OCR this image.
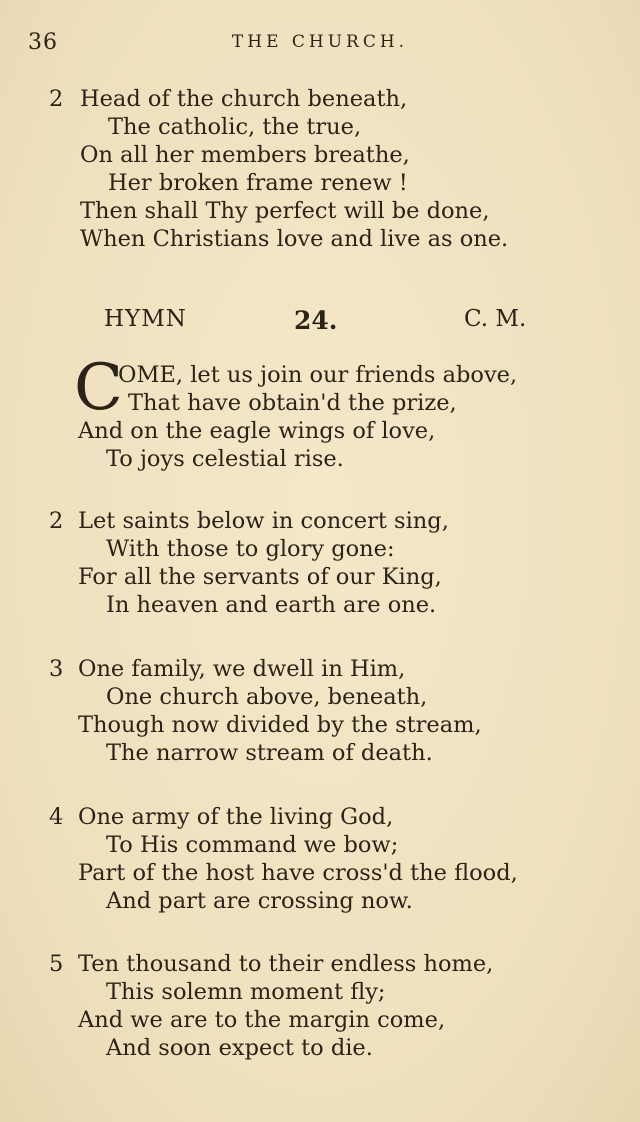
36	THE CHURCH.
2 Head of the church beneath,
The catholic, the true,
On all her members breathe,
Her broken frame renew !
Then shall Thy perfect will be done,
When Christians love and live as one.
HYMN	24.	C. M.
C
OME, let us join our friends above,
That have obtain'd the prize,
And on the eagle wings of love,
To joys celestial rise.
2 Let saints below in concert sing,
With those to glory gone:
For all the servants of our King,
In heaven and earth are one.
3 One family, we dwell in Him,
One church above, beneath,
Though now divided by the stream,
The narrow stream of death.
4 One army of the living God,
To His command we bow;
Part of the host have cross'd the flood,
And part are crossing now.
5 Ten thousand to their endless home,
This solemn moment fly;
And we are to the margin come,
And soon expect to die.
